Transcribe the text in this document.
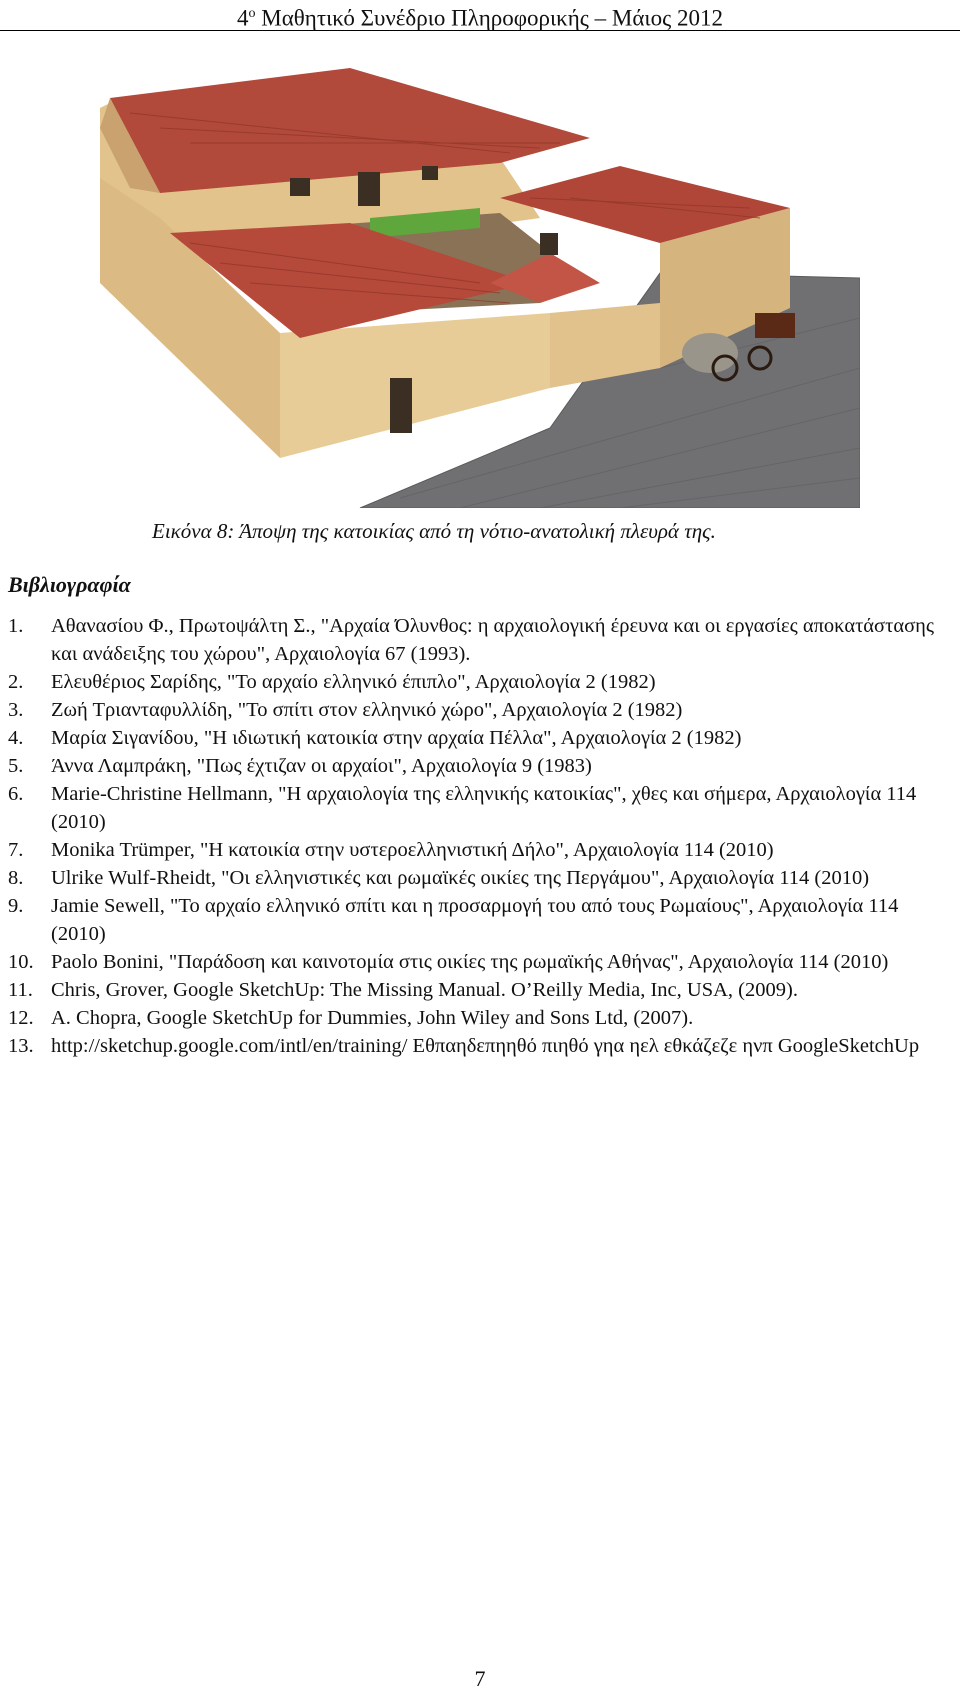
$4^o$ Μαθητικό Συνέδριο Πληροφορικής – Μάιος 2012
Εικόνα 8: Άποψη της κατοικίας από τη νότιο-ανατολική πλευρά της.
Βιβλιογραφία
1.	Αθανασίου Φ., Πρωτοψάλτη Σ., "Αρχαία Όλυνθος: η αρχαιολογική έρευνα και οι εργασίες αποκατάστασης και ανάδειξης του χώρου", Αρχαιολογία 67 (1993).
2.	Ελευθέριος Σαρίδης, "Το αρχαίο ελληνικό έπιπλο", Αρχαιολογία 2 (1982)
3.	Ζωή Τριανταφυλλίδη, "Το σπίτι στον ελληνικό χώρο", Αρχαιολογία 2 (1982)
4.	Μαρία Σιγανίδου, "Η ιδιωτική κατοικία στην αρχαία Πέλλα", Αρχαιολογία 2 (1982)
5.	Άννα Λαμπράκη, "Πως έχτιζαν οι αρχαίοι", Αρχαιολογία 9 (1983)
6.	Marie-Christine Hellmann, "Η αρχαιολογία της ελληνικής κατοικίας", χθες και σήμερα, Αρχαιολογία 114 (2010)
7.	Monika Trümper, "Η κατοικία στην υστεροελληνιστική Δήλο", Αρχαιολογία 114 (2010)
8.	Ulrike Wulf-Rheidt, "Οι ελληνιστικές και ρωμαϊκές οικίες της Περγάμου", Αρχαιολογία 114 (2010)
9.	Jamie Sewell, "Το αρχαίο ελληνικό σπίτι και η προσαρμογή του από τους Ρωμαίους", Αρχαιολογία 114 (2010)
10. Paolo Bonini, "Παράδοση και καινοτομία στις οικίες της ρωμαϊκής Αθήνας", Αρχαιολογία 114 (2010)
11. Chris, Grover, Google SketchUp: The Missing Manual. O’Reilly Media, Inc, USA, (2009).
12. A. Chopra, Google SketchUp for Dummies, John Wiley and Sons Ltd, (2007).
13. http://sketchup.google.com/intl/en/training/ Εθπαηδεπηηθό πιηθό γηα ηελ εθκάζεζε ηνπ GoogleSketchUp
7
